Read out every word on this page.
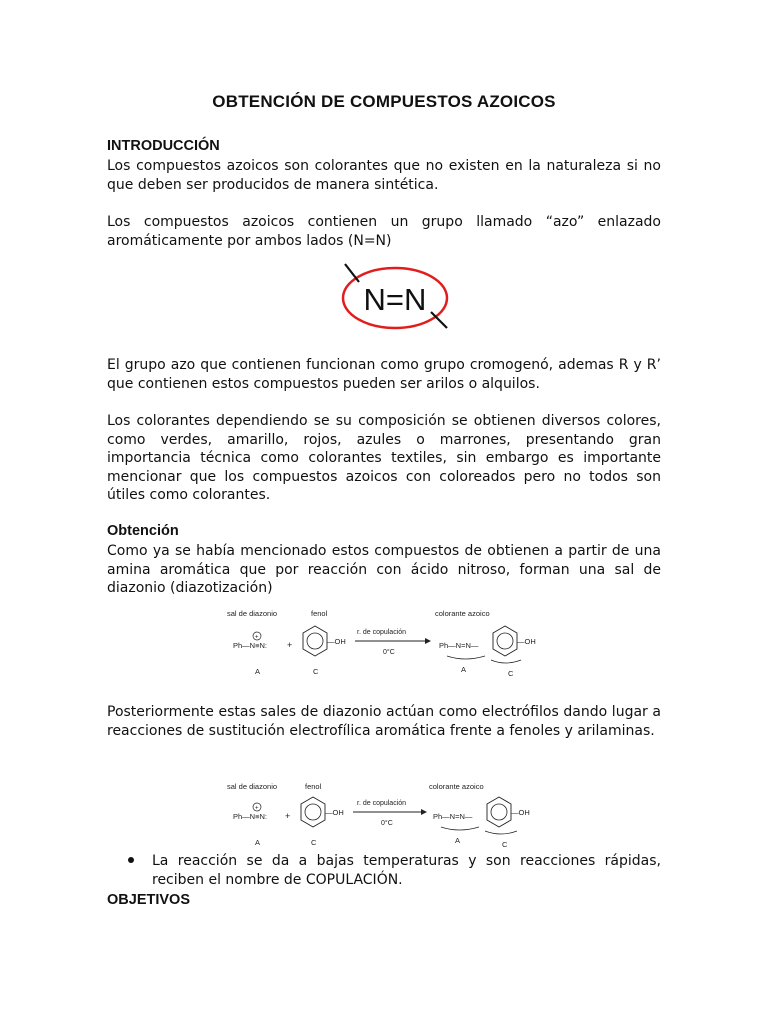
OBTENCIÓN DE COMPUESTOS AZOICOS
INTRODUCCIÓN
Los compuestos azoicos son colorantes que no existen en la naturaleza si no que deben ser producidos de manera sintética.
Los compuestos azoicos contienen un grupo llamado “azo” enlazado aromáticamente por ambos lados (N=N)
N=N
El grupo azo que contienen funcionan como grupo cromogenó, ademas R y R’ que contienen estos compuestos pueden ser arilos o alquilos.
Los colorantes dependiendo se su composición se obtienen diversos colores, como verdes, amarillo, rojos, azules o marrones, presentando gran importancia técnica como colorantes textiles, sin embargo es importante mencionar que los compuestos azoicos con coloreados pero no todos son útiles como colorantes.
Obtención
Como ya se había mencionado estos compuestos de obtienen a partir de una amina aromática que por reacción con ácido nitroso, forman una sal de diazonio (diazotización)
sal de diazonio	fenol	colorante azoico
+
Ph—N≡N: +	—OH
r. de copulación
0°C
Ph—N=N—	—OH
A	C	A	C
Posteriormente estas sales de diazonio actúan como electrófilos dando lugar a reacciones de sustitución electrofílica aromática frente a fenoles y arilaminas.
sal de diazonio	fenol	colorante azoico
+
Ph—N≡N: +	—OH
r. de copulación
0°C
Ph—N=N—	—OH
A	C	A	C
La reacción se da a bajas temperaturas y son reacciones rápidas, reciben el nombre de COPULACIÓN.
OBJETIVOS
